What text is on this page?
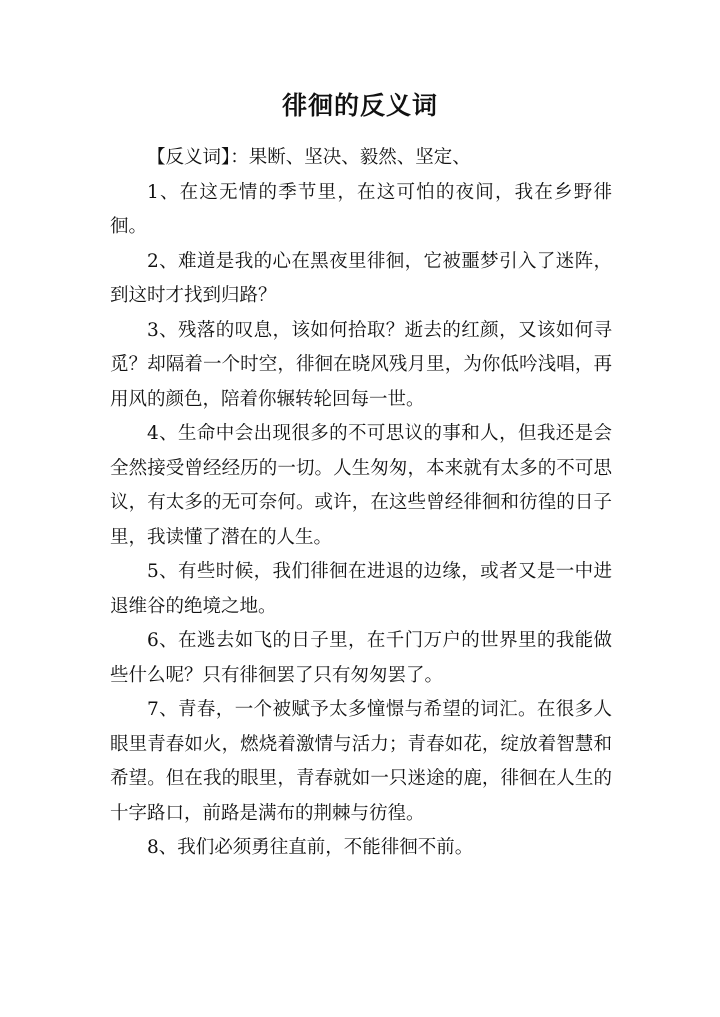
徘徊的反义词

【反义词】：果断、坚决、毅然、坚定、

1、在这无情的季节里，在这可怕的夜间，我在乡野徘徊。

2、难道是我的心在黑夜里徘徊，它被噩梦引入了迷阵，到这时才找到归路？

3、残落的叹息，该如何拾取？逝去的红颜，又该如何寻觅？却隔着一个时空，徘徊在晓风残月里，为你低吟浅唱，再用风的颜色，陪着你辗转轮回每一世。

4、生命中会出现很多的不可思议的事和人，但我还是会全然接受曾经经历的一切。人生匆匆，本来就有太多的不可思议，有太多的无可奈何。或许，在这些曾经徘徊和彷徨的日子里，我读懂了潜在的人生。

5、有些时候，我们徘徊在进退的边缘，或者又是一中进退维谷的绝境之地。

6、在逃去如飞的日子里，在千门万户的世界里的我能做些什么呢？只有徘徊罢了只有匆匆罢了。

7、青春，一个被赋予太多憧憬与希望的词汇。在很多人眼里青春如火，燃烧着激情与活力；青春如花，绽放着智慧和希望。但在我的眼里，青春就如一只迷途的鹿，徘徊在人生的十字路口，前路是满布的荆棘与彷徨。

8、我们必须勇往直前，不能徘徊不前。
